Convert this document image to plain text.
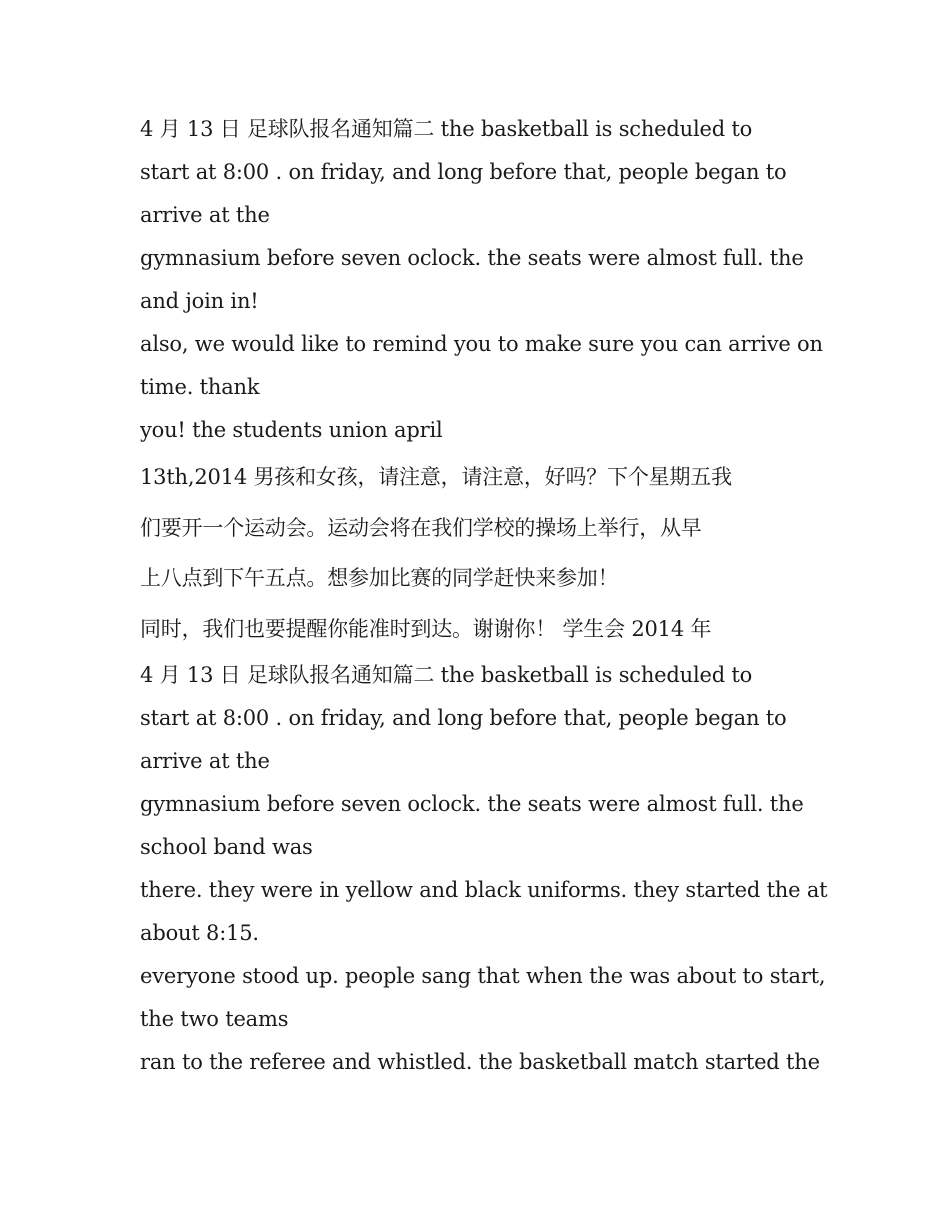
4 月 13 日 足球队报名通知篇二 the basketball is scheduled to

start at 8:00 . on friday, and long before that, people began to

arrive at the

gymnasium before seven oclock. the seats were almost full. the

and join in!

also, we would like to remind you to make sure you can arrive on

time. thank

you! the students union april

13th,2014 男孩和女孩，请注意，请注意，好吗？下个星期五我

们要开一个运动会。运动会将在我们学校的操场上举行，从早

上八点到下午五点。想参加比赛的同学赶快来参加！

同时，我们也要提醒你能准时到达。谢谢你！ 学生会 2014 年

4 月 13 日 足球队报名通知篇二 the basketball is scheduled to

start at 8:00 . on friday, and long before that, people began to

arrive at the

gymnasium before seven oclock. the seats were almost full. the

school band was

there. they were in yellow and black uniforms. they started the at

about 8:15.

everyone stood up. people sang that when the was about to start,

the two teams

ran to the referee and whistled. the basketball match started the
